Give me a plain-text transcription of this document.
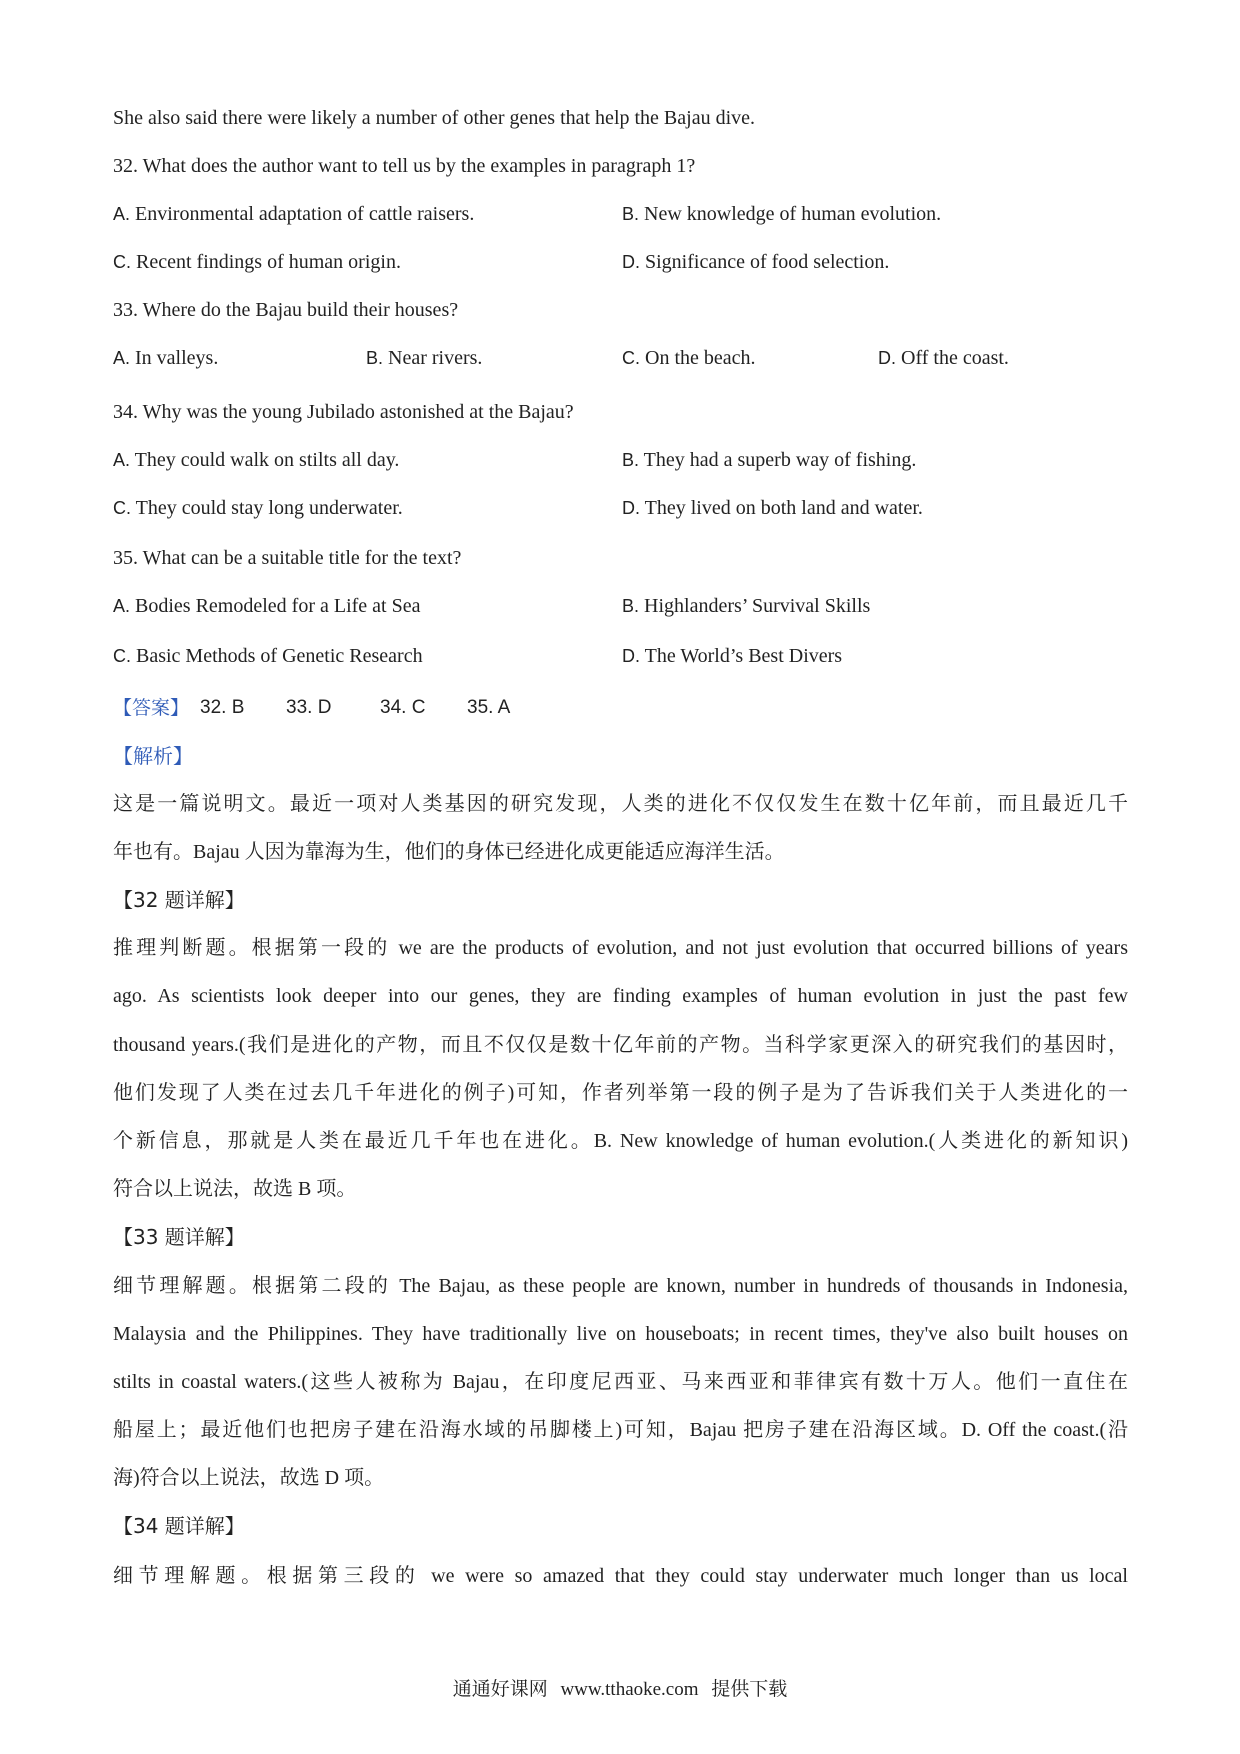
She also said there were likely a number of other genes that help the Bajau dive.
32. What does the author want to tell us by the examples in paragraph 1?
A. Environmental adaptation of cattle raisers.	B. New knowledge of human evolution.
C. Recent findings of human origin.	D. Significance of food selection.
33. Where do the Bajau build their houses?
A. In valleys.	B. Near rivers.	C. On the beach.	D. Off the coast.
34. Why was the young Jubilado astonished at the Bajau?
A. They could walk on stilts all day.	B. They had a superb way of fishing.
C. They could stay long underwater.	D. They lived on both land and water.
35. What can be a suitable title for the text?
A. Bodies Remodeled for a Life at Sea	B. Highlanders’ Survival Skills
C. Basic Methods of Genetic Research	D. The World’s Best Divers
【答案】 32. B 33. D	34. C 35. A
【解析】
这是一篇说明文。最近一项对人类基因的研究发现，人类的进化不仅仅发生在数十亿年前，而且最近几千
年也有。Bajau 人因为靠海为生，他们的身体已经进化成更能适应海洋生活。
【32 题详解】
推理判断题。根据第一段的 we are the products of evolution, and not just evolution that occurred billions of years
ago. As scientists look deeper into our genes, they are finding examples of human evolution in just the past few
thousand years.(我们是进化的产物，而且不仅仅是数十亿年前的产物。当科学家更深入的研究我们的基因时，
他们发现了人类在过去几千年进化的例子)可知，作者列举第一段的例子是为了告诉我们关于人类进化的一
个新信息，那就是人类在最近几千年也在进化。B. New knowledge of human evolution.(人类进化的新知识)
符合以上说法，故选 B 项。
【33 题详解】
细节理解题。根据第二段的 The Bajau, as these people are known, number in hundreds of thousands in Indonesia,
Malaysia and the Philippines. They have traditionally live on houseboats; in recent times, they've also built houses on
stilts in coastal waters.(这些人被称为 Bajau，在印度尼西亚、马来西亚和菲律宾有数十万人。他们一直住在
船屋上；最近他们也把房子建在沿海水域的吊脚楼上)可知，Bajau 把房子建在沿海区域。D. Off the coast.(沿
海)符合以上说法，故选 D 项。
【34 题详解】
细节理解题。根据第三段的 we were so amazed that they could stay underwater much longer than us local
通通好课网 www.tthaoke.com 提供下载
